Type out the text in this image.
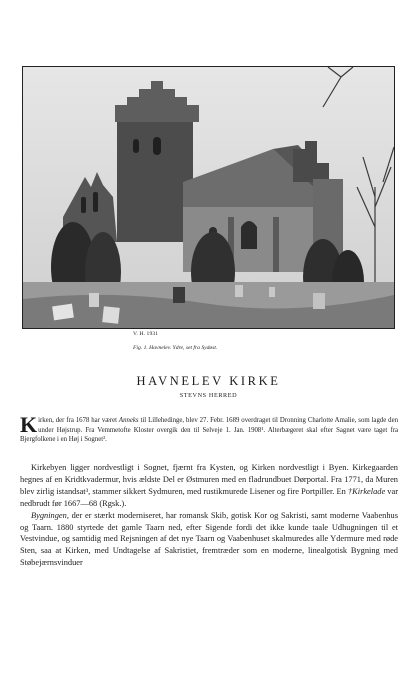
V. H. 1931
Fig. 1. Havnelev. Ydre, set fra Sydøst.
HAVNELEV KIRKE
STEVNS HERRED
Kirken, der fra 1678 har været Anneks til Lillehedinge, blev 27. Febr. 1689 overdraget til Dronning Charlotte Amalie, som lagde den under Højstrup. Fra Vemmetofte Kloster overgik den til Selveje 1. Jan. 1908¹. Alterbægeret skal efter Sagnet være taget fra Bjergfolkene i en Høj i Sognet².

Kirkebyen ligger nordvestligt i Sognet, fjærnt fra Kysten, og Kirken nordvestligt i Byen. Kirkegaarden hegnes af en Kridtkvadermur, hvis ældste Del er Østmuren med en fladrundbuet Dørportal. Fra 1771, da Muren blev zirlig istandsat³, stammer sikkert Sydmuren, med rustikmurede Lisener og fire Portpiller. En †Kirkelade var nedbrudt før 1667—68 (Rgsk.).

Bygningen, der er stærkt moderniseret, har romansk Skib, gotisk Kor og Sakristi, samt moderne Vaabenhus og Taarn. 1880 styrtede det gamle Taarn ned, efter Sigende fordi det ikke kunde taale Udhugningen til et Vestvindue, og samtidig med Rejsningen af det nye Taarn og Vaabenhuset skalmuredes alle Ydermure med røde Sten, saa at Kirken, med Undtagelse af Sakristiet, fremtræder som en moderne, linealgotisk Bygning med Støbejærnsvinduer
